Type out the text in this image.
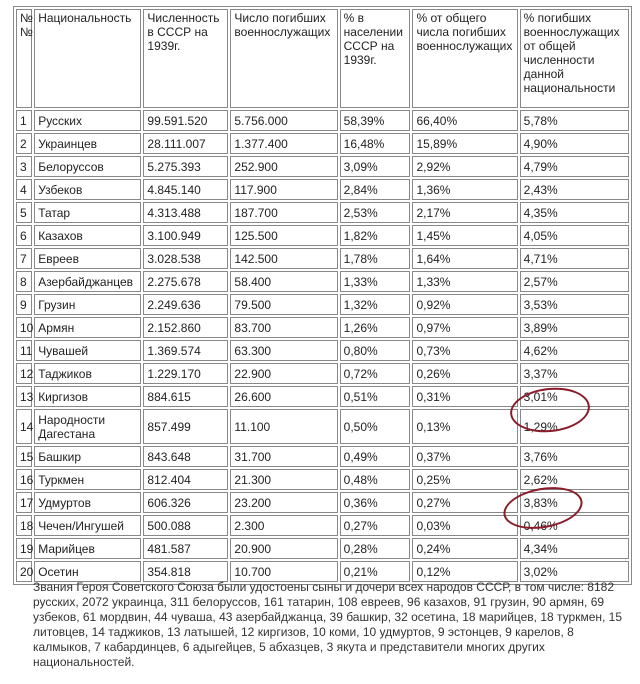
№ №	Национальность	Численность в СССР на 1939г.	Число погибших военнослужащих	% в населении СССР на 1939г.	% от общего числа погибших военнослужащих	% погибших военнослужащих от общей численности данной национальности
1	Русских	99.591.520	5.756.000	58,39%	66,40%	5,78%
2	Украинцев	28.111.007	1.377.400	16,48%	15,89%	4,90%
3	Белоруссов	5.275.393	252.900	3,09%	2,92%	4,79%
4	Узбеков	4.845.140	117.900	2,84%	1,36%	2,43%
5	Татар	4.313.488	187.700	2,53%	2,17%	4,35%
6	Казахов	3.100.949	125.500	1,82%	1,45%	4,05%
7	Евреев	3.028.538	142.500	1,78%	1,64%	4,71%
8	Азербайджанцев	2.275.678	58.400	1,33%	1,33%	2,57%
9	Грузин	2.249.636	79.500	1,32%	0,92%	3,53%
10	Армян	2.152.860	83.700	1,26%	0,97%	3,89%
11	Чувашей	1.369.574	63.300	0,80%	0,73%	4,62%
12	Таджиков	1.229.170	22.900	0,72%	0,26%	3,37%
13	Киргизов	884.615	26.600	0,51%	0,31%	3,01%
14	Народности Дагестана	857.499	11.100	0,50%	0,13%	1,29%
15	Башкир	843.648	31.700	0,49%	0,37%	3,76%
16	Туркмен	812.404	21.300	0,48%	0,25%	2,62%
17	Удмуртов	606.326	23.200	0,36%	0,27%	3,83%
18	Чечен/Ингушей	500.088	2.300	0,27%	0,03%	0,46%
19	Марийцев	481.587	20.900	0,28%	0,24%	4,34%
20	Осетин	354.818	10.700	0,21%	0,12%	3,02%

Звания Героя Советского Союза были удостоены сыны и дочери всех народов СССР, в том числе: 8182 русских, 2072 украинца, 311 белоруссов, 161 татарин, 108 евреев, 96 казахов, 91 грузин, 90 армян, 69 узбеков, 61 мордвин, 44 чуваша, 43 азербайджанца, 39 башкир, 32 осетина, 18 марийцев, 18 туркмен, 15 литовцев, 14 таджиков, 13 латышей, 12 киргизов, 10 коми, 10 удмуртов, 9 эстонцев, 9 карелов, 8 калмыков, 7 кабардинцев, 6 адыгейцев, 5 абхазцев, 3 якута и представители многих других национальностей.
